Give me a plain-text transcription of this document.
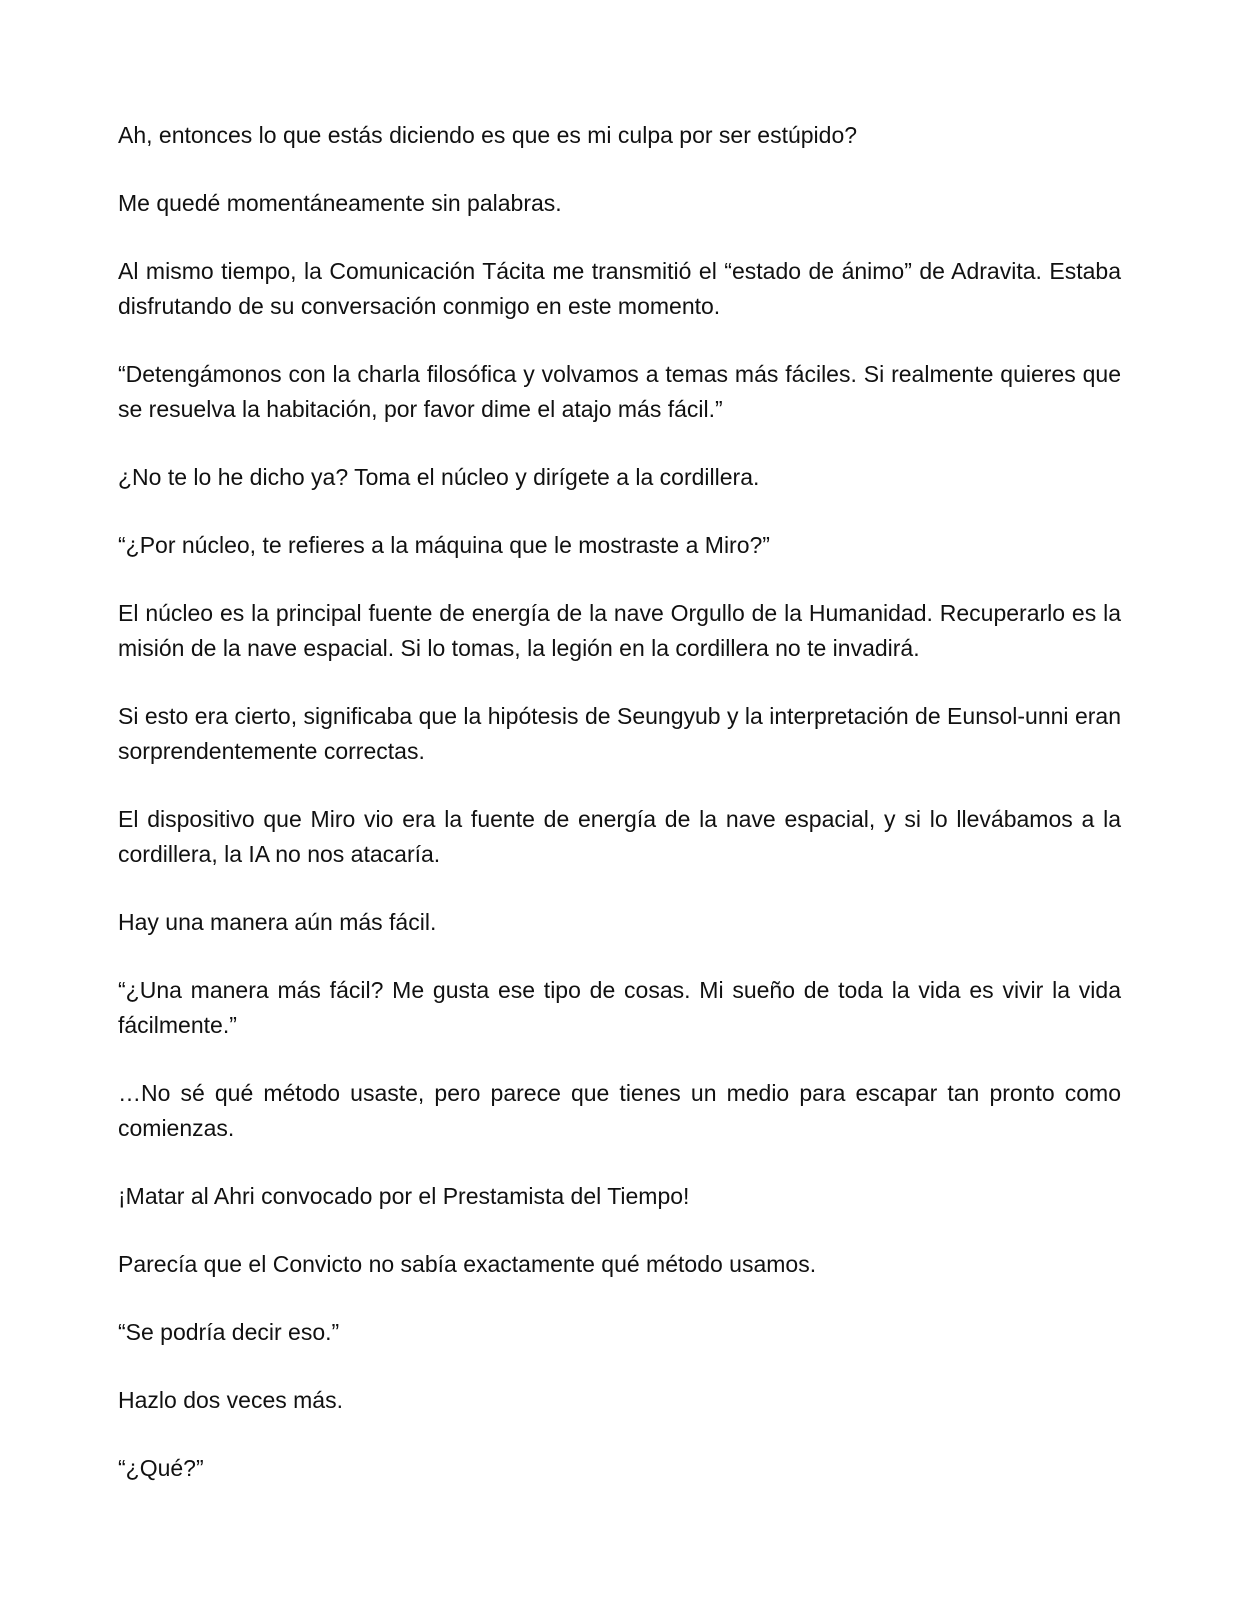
Ah, entonces lo que estás diciendo es que es mi culpa por ser estúpido?

Me quedé momentáneamente sin palabras.

Al mismo tiempo, la Comunicación Tácita me transmitió el “estado de ánimo” de Adravita. Estaba disfrutando de su conversación conmigo en este momento.

“Detengámonos con la charla filosófica y volvamos a temas más fáciles. Si realmente quieres que se resuelva la habitación, por favor dime el atajo más fácil.”

¿No te lo he dicho ya? Toma el núcleo y dirígete a la cordillera.

“¿Por núcleo, te refieres a la máquina que le mostraste a Miro?”

El núcleo es la principal fuente de energía de la nave Orgullo de la Humanidad. Recuperarlo es la misión de la nave espacial. Si lo tomas, la legión en la cordillera no te invadirá.

Si esto era cierto, significaba que la hipótesis de Seungyub y la interpretación de Eunsol-unni eran sorprendentemente correctas.

El dispositivo que Miro vio era la fuente de energía de la nave espacial, y si lo llevábamos a la cordillera, la IA no nos atacaría.

Hay una manera aún más fácil.

“¿Una manera más fácil? Me gusta ese tipo de cosas. Mi sueño de toda la vida es vivir la vida fácilmente.”

…No sé qué método usaste, pero parece que tienes un medio para escapar tan pronto como comienzas.

¡Matar al Ahri convocado por el Prestamista del Tiempo!

Parecía que el Convicto no sabía exactamente qué método usamos.

“Se podría decir eso.”

Hazlo dos veces más.

“¿Qué?”
